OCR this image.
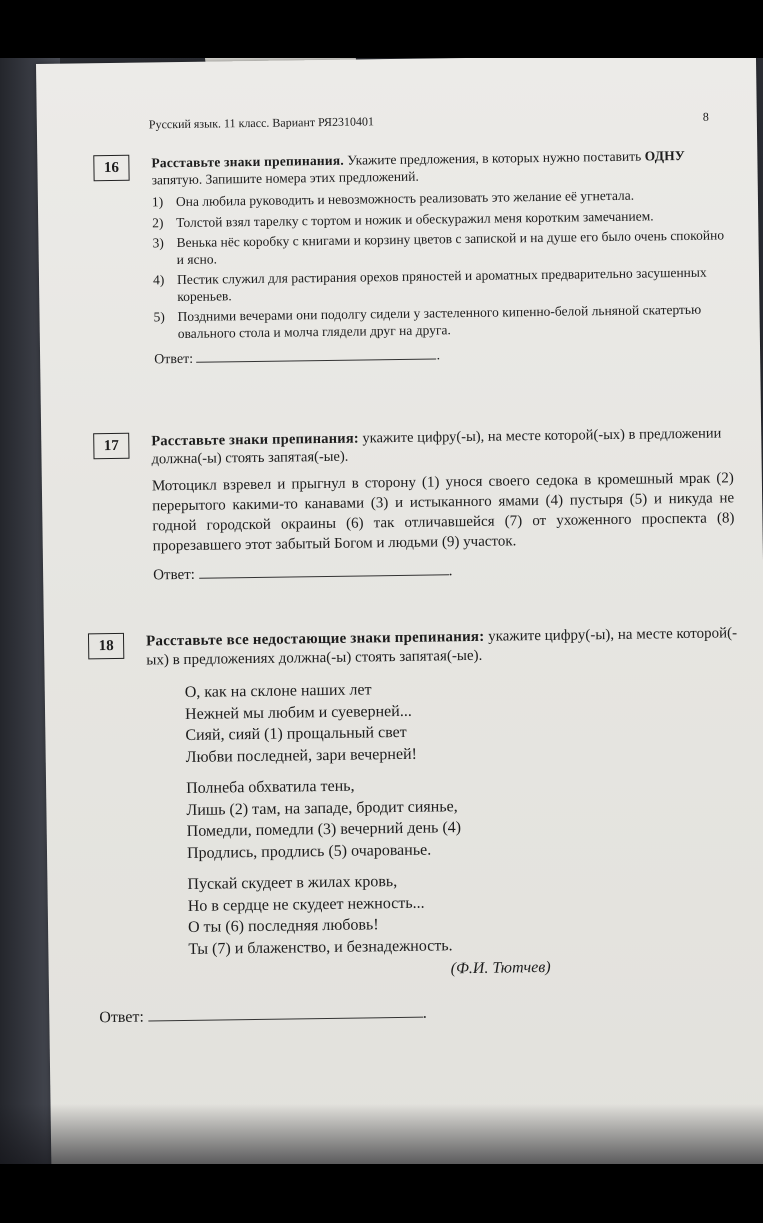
Русский язык. 11 класс. Вариант РЯ2310401	8
16	Расставьте знаки препинания. Укажите предложения, в которых нужно поставить ОДНУ запятую. Запишите номера этих предложений.
1) Она любила руководить и невозможность реализовать это желание её угнетала.
2) Толстой взял тарелку с тортом и ножик и обескуражил меня коротким замечанием.
3) Венька нёс коробку с книгами и корзину цветов с запиской и на душе его было очень спокойно и ясно.
4) Пестик служил для растирания орехов пряностей и ароматных предварительно засушенных кореньев.
5) Поздними вечерами они подолгу сидели у застеленного кипенно-белой льняной скатертью овального стола и молча глядели друг на друга.
Ответ:	.
17	Расставьте знаки препинания: укажите цифру(-ы), на месте которой(-ых) в предложении должна(-ы) стоять запятая(-ые).
Мотоцикл взревел и прыгнул в сторону (1) унося своего седока в кромешный мрак (2) перерытого какими-то канавами (3) и истыканного ямами (4) пустыря (5) и никуда не годной городской окраины (6) так отличавшейся (7) от ухоженного проспекта (8) прорезавшего этот забытый Богом и людьми (9) участок.
Ответ:	.
18	Расставьте все недостающие знаки препинания: укажите цифру(-ы), на месте которой(-ых) в предложениях должна(-ы) стоять запятая(-ые).
О, как на склоне наших лет
Нежней мы любим и суеверней...
Сияй, сияй (1) прощальный свет
Любви последней, зари вечерней!
Полнеба обхватила тень,
Лишь (2) там, на западе, бродит сиянье,
Помедли, помедли (3) вечерний день (4)
Продлись, продлись (5) очарованье.
Пускай скудеет в жилах кровь,
Но в сердце не скудеет нежность...
О ты (6) последняя любовь!
Ты (7) и блаженство, и безнадежность.
(Ф.И. Тютчев)
Ответ:	.
